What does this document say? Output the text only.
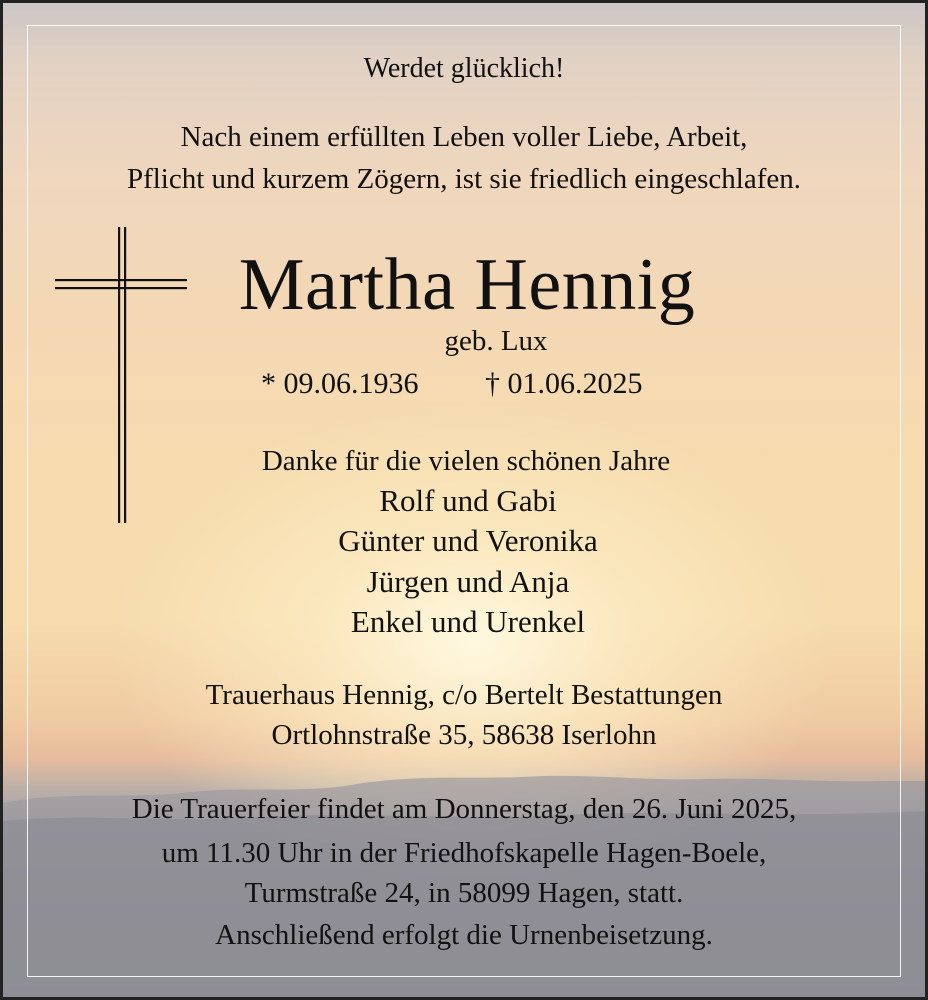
Werdet glücklich!
Nach einem erfüllten Leben voller Liebe, Arbeit,
Pflicht und kurzem Zögern, ist sie friedlich eingeschlafen.
Martha Hennig
geb. Lux
* 09.06.1936 † 01.06.2025
Danke für die vielen schönen Jahre
Rolf und Gabi
Günter und Veronika
Jürgen und Anja
Enkel und Urenkel
Trauerhaus Hennig, c/o Bertelt Bestattungen
Ortlohnstraße 35, 58638 Iserlohn
Die Trauerfeier findet am Donnerstag, den 26. Juni 2025,
um 11.30 Uhr in der Friedhofskapelle Hagen-Boele,
Turmstraße 24, in 58099 Hagen, statt.
Anschließend erfolgt die Urnenbeisetzung.
